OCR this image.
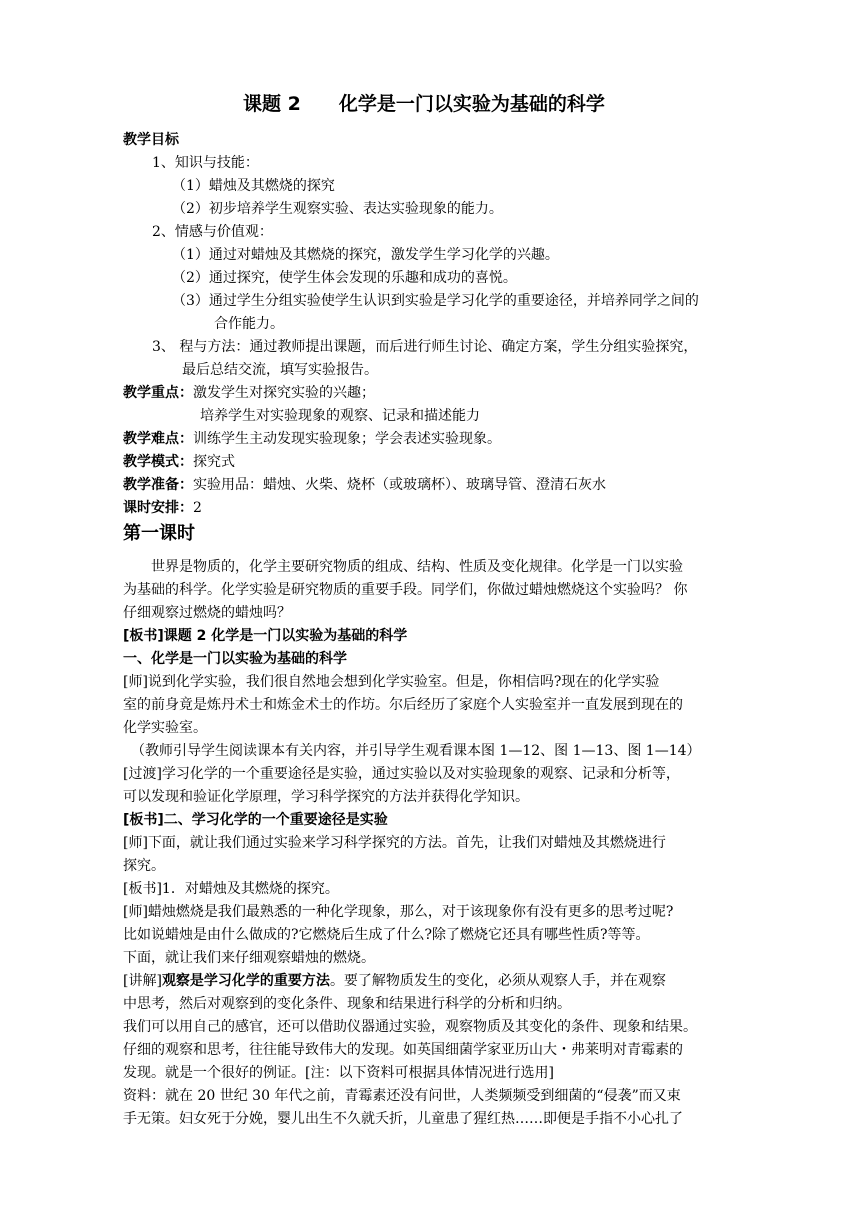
课题 2　　化学是一门以实验为基础的科学
教学目标
1、知识与技能：
（1）蜡烛及其燃烧的探究
（2）初步培养学生观察实验、表达实验现象的能力。
2、情感与价值观：
（1）通过对蜡烛及其燃烧的探究，激发学生学习化学的兴趣。
（2）通过探究，使学生体会发现的乐趣和成功的喜悦。
（3）通过学生分组实验使学生认识到实验是学习化学的重要途径，并培养同学之间的
合作能力。
3、 程与方法：通过教师提出课题，而后进行师生讨论、确定方案，学生分组实验探究，
最后总结交流，填写实验报告。
教学重点：激发学生对探究实验的兴趣；
培养学生对实验现象的观察、记录和描述能力
教学难点：训练学生主动发现实验现象；学会表述实验现象。
教学模式：探究式
教学准备：实验用品：蜡烛、火柴、烧杯（或玻璃杯）、玻璃导管、澄清石灰水
课时安排：2
第一课时
世界是物质的，化学主要研究物质的组成、结构、性质及变化规律。化学是一门以实验
为基础的科学。化学实验是研究物质的重要手段。同学们，你做过蜡烛燃烧这个实验吗？ 你
仔细观察过燃烧的蜡烛吗？
[板书]课题 2 化学是一门以实验为基础的科学
一、化学是一门以实验为基础的科学
[师]说到化学实验，我们很自然地会想到化学实验室。但是，你相信吗?现在的化学实验
室的前身竟是炼丹术士和炼金术士的作坊。尔后经历了家庭个人实验室并一直发展到现在的
化学实验室。
（教师引导学生阅读课本有关内容，并引导学生观看课本图 1—12、图 1—13、图 1—14）
[过渡]学习化学的一个重要途径是实验，通过实验以及对实验现象的观察、记录和分析等，
可以发现和验证化学原理，学习科学探究的方法并获得化学知识。
[板书]二、学习化学的一个重要途径是实验
[师]下面，就让我们通过实验来学习科学探究的方法。首先，让我们对蜡烛及其燃烧进行
探究。
[板书]1．对蜡烛及其燃烧的探究。
[师]蜡烛燃烧是我们最熟悉的一种化学现象，那么，对于该现象你有没有更多的思考过呢?
比如说蜡烛是由什么做成的?它燃烧后生成了什么?除了燃烧它还具有哪些性质?等等。
下面，就让我们来仔细观察蜡烛的燃烧。
[讲解]观察是学习化学的重要方法。要了解物质发生的变化，必须从观察人手，并在观察
中思考，然后对观察到的变化条件、现象和结果进行科学的分析和归纳。
我们可以用自己的感官，还可以借助仪器通过实验，观察物质及其变化的条件、现象和结果。
仔细的观察和思考，往往能导致伟大的发现。如英国细菌学家亚历山大・弗莱明对青霉素的
发现。就是一个很好的例证。[注：以下资料可根据具体情况进行选用]
资料：就在 20 世纪 30 年代之前，青霉素还没有问世，人类频频受到细菌的“侵袭”而又束
手无策。妇女死于分娩，婴儿出生不久就夭折，儿童患了猩红热……即便是手指不小心扎了
